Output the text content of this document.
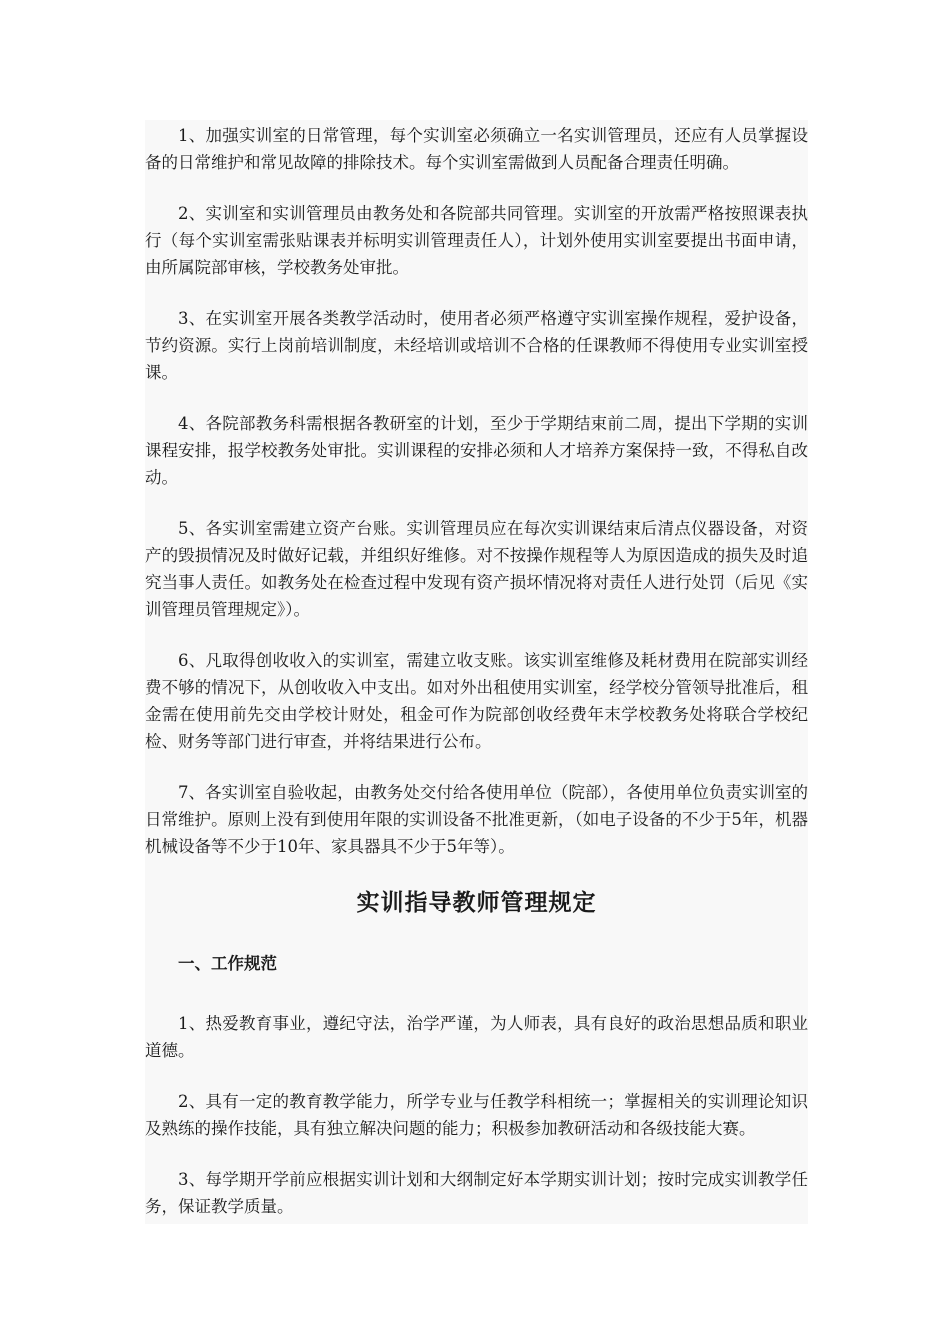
1、加强实训室的日常管理，每个实训室必须确立一名实训管理员，还应有人员掌握设备的日常维护和常见故障的排除技术。每个实训室需做到人员配备合理责任明确。

2、实训室和实训管理员由教务处和各院部共同管理。实训室的开放需严格按照课表执行（每个实训室需张贴课表并标明实训管理责任人），计划外使用实训室要提出书面申请，由所属院部审核，学校教务处审批。

3、在实训室开展各类教学活动时，使用者必须严格遵守实训室操作规程，爱护设备，节约资源。实行上岗前培训制度，未经培训或培训不合格的任课教师不得使用专业实训室授课。

4、各院部教务科需根据各教研室的计划，至少于学期结束前二周，提出下学期的实训课程安排，报学校教务处审批。实训课程的安排必须和人才培养方案保持一致，不得私自改动。

5、各实训室需建立资产台账。实训管理员应在每次实训课结束后清点仪器设备，对资产的毁损情况及时做好记载，并组织好维修。对不按操作规程等人为原因造成的损失及时追究当事人责任。如教务处在检查过程中发现有资产损坏情况将对责任人进行处罚（后见《实训管理员管理规定》）。

6、凡取得创收收入的实训室，需建立收支账。该实训室维修及耗材费用在院部实训经费不够的情况下，从创收收入中支出。如对外出租使用实训室，经学校分管领导批准后，租金需在使用前先交由学校计财处，租金可作为院部创收经费年末学校教务处将联合学校纪检、财务等部门进行审查，并将结果进行公布。

7、各实训室自验收起，由教务处交付给各使用单位（院部），各使用单位负责实训室的日常维护。原则上没有到使用年限的实训设备不批准更新，（如电子设备的不少于5年，机器机械设备等不少于10年、家具器具不少于5年等）。

实训指导教师管理规定
一、工作规范

1、热爱教育事业，遵纪守法，治学严谨，为人师表，具有良好的政治思想品质和职业道德。

2、具有一定的教育教学能力，所学专业与任教学科相统一；掌握相关的实训理论知识及熟练的操作技能，具有独立解决问题的能力；积极参加教研活动和各级技能大赛。

3、每学期开学前应根据实训计划和大纲制定好本学期实训计划；按时完成实训教学任务，保证教学质量。
